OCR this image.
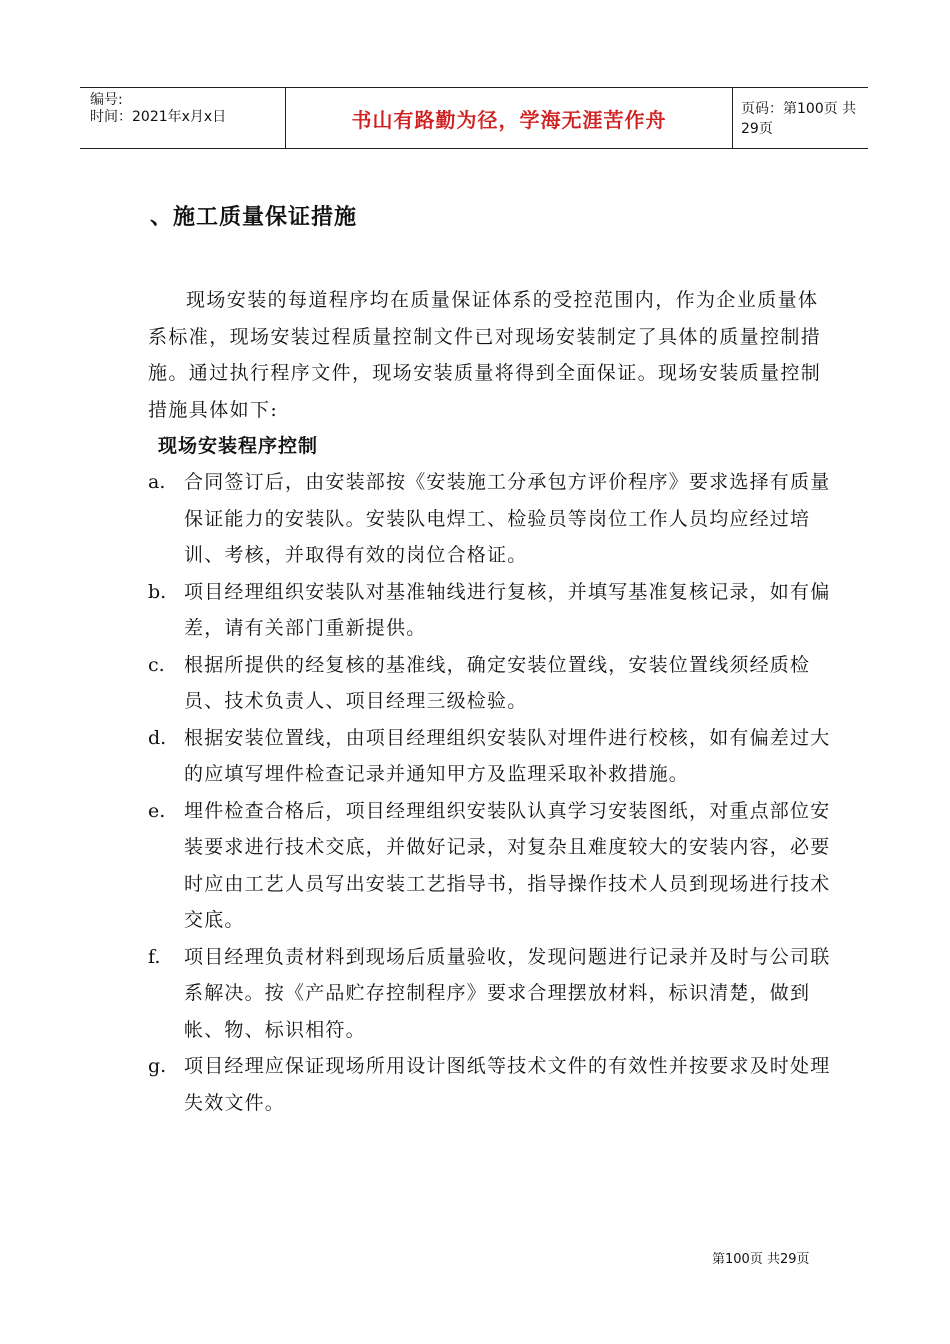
编号:
时间：2021年x月x日	书山有路勤为径，学海无涯苦作舟	页码：第100页 共29页
、施工质量保证措施

现场安装的每道程序均在质量保证体系的受控范围内，作为企业质量体系标准，现场安装过程质量控制文件已对现场安装制定了具体的质量控制措施。通过执行程序文件，现场安装质量将得到全面保证。现场安装质量控制措施具体如下:

现场安装程序控制
a. 合同签订后，由安装部按《安装施工分承包方评价程序》要求选择有质量保证能力的安装队。安装队电焊工、检验员等岗位工作人员均应经过培训、考核，并取得有效的岗位合格证。
b. 项目经理组织安装队对基准轴线进行复核，并填写基准复核记录，如有偏差，请有关部门重新提供。
c.	根据所提供的经复核的基准线，确定安装位置线，安装位置线须经质检员、技术负责人、项目经理三级检验。
d. 根据安装位置线，由项目经理组织安装队对埋件进行校核，如有偏差过大的应填写埋件检查记录并通知甲方及监理采取补救措施。
e. 埋件检查合格后，项目经理组织安装队认真学习安装图纸，对重点部位安装要求进行技术交底，并做好记录，对复杂且难度较大的安装内容，必要时应由工艺人员写出安装工艺指导书，指导操作技术人员到现场进行技术交底。
f.	项目经理负责材料到现场后质量验收，发现问题进行记录并及时与公司联系解决。按《产品贮存控制程序》要求合理摆放材料，标识清楚，做到帐、物、标识相符。
g. 项目经理应保证现场所用设计图纸等技术文件的有效性并按要求及时处理失效文件。
第100页 共29页
